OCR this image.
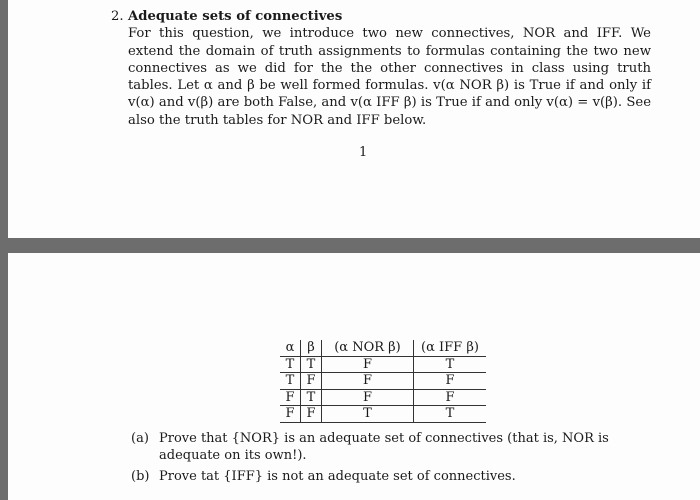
2. Adequate sets of connectives

For this question, we introduce two new connectives, NOR and IFF. We extend the domain of truth assignments to formulas containing the two new connectives as we did for the the other connectives in class using truth tables. Let α and β be well formed formulas. v(α NOR β) is True if and only if v(α) and v(β) are both False, and v(α IFF β) is True if and only v(α) = v(β). See also the truth tables for NOR and IFF below.

1
α	β	(α NOR β)	(α IFF β)
T	T	F	T
T	F	F	F
F	T	F	F
F	F	T	T
(a) Prove that {NOR} is an adequate set of connectives (that is, NOR is adequate on its own!).
(b) Prove tat {IFF} is not an adequate set of connectives.
